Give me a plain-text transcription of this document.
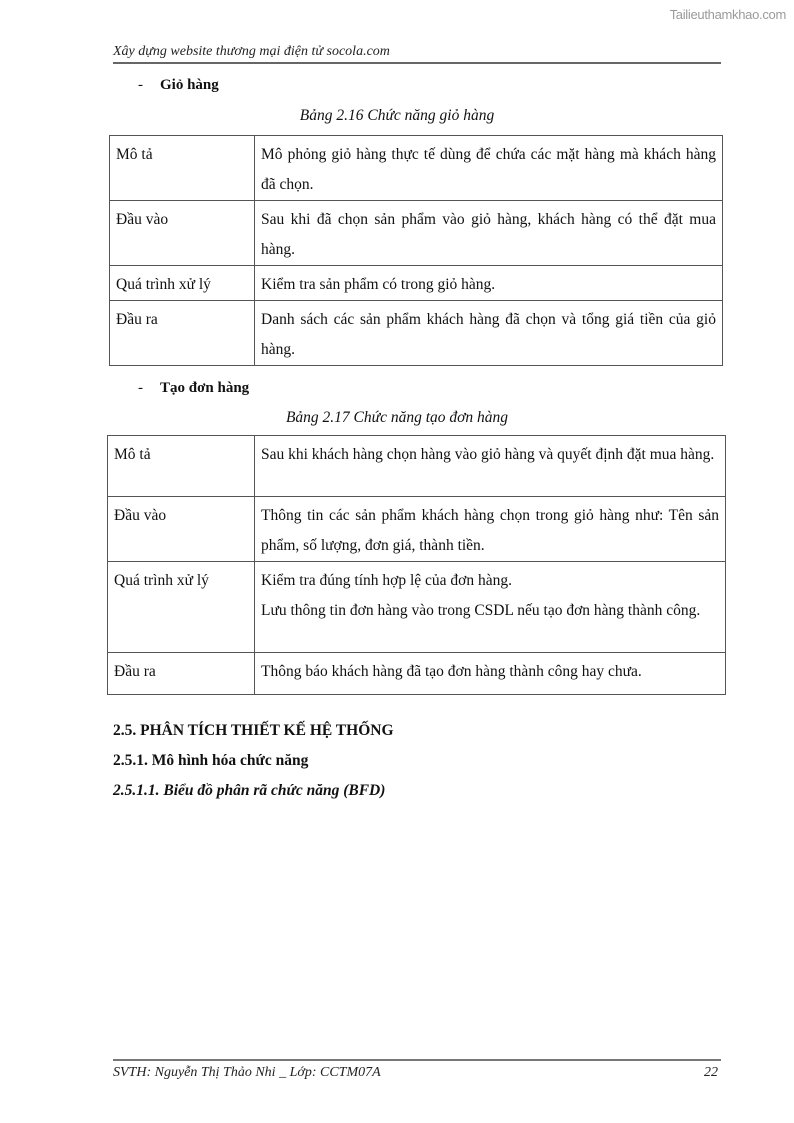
Tailieuthamkhao.com
Xây dựng website thương mại điện tử socola.com
- Giỏ hàng
Bảng 2.16 Chức năng giỏ hàng
Mô tả	Mô phỏng giỏ hàng thực tế dùng để chứa các mặt hàng mà khách hàng đã chọn.
Đầu vào	Sau khi đã chọn sản phẩm vào giỏ hàng, khách hàng có thể đặt mua hàng.
Quá trình xử lý	Kiểm tra sản phẩm có trong giỏ hàng.
Đầu ra	Danh sách các sản phẩm khách hàng đã chọn và tổng giá tiền của giỏ hàng.
- Tạo đơn hàng
Bảng 2.17 Chức năng tạo đơn hàng
Mô tả	Sau khi khách hàng chọn hàng vào giỏ hàng và quyết định đặt mua hàng.
Đầu vào	Thông tin các sản phẩm khách hàng chọn trong giỏ hàng như: Tên sản phẩm, số lượng, đơn giá, thành tiền.
Quá trình xử lý	Kiểm tra đúng tính hợp lệ của đơn hàng.
Lưu thông tin đơn hàng vào trong CSDL nếu tạo đơn hàng thành công.

Đầu ra	Thông báo khách hàng đã tạo đơn hàng thành công hay chưa.
2.5. PHÂN TÍCH THIẾT KẾ HỆ THỐNG
2.5.1. Mô hình hóa chức năng
2.5.1.1. Biểu đồ phân rã chức năng (BFD)
SVTH: Nguyễn Thị Thảo Nhi _ Lớp: CCTM07A	22
